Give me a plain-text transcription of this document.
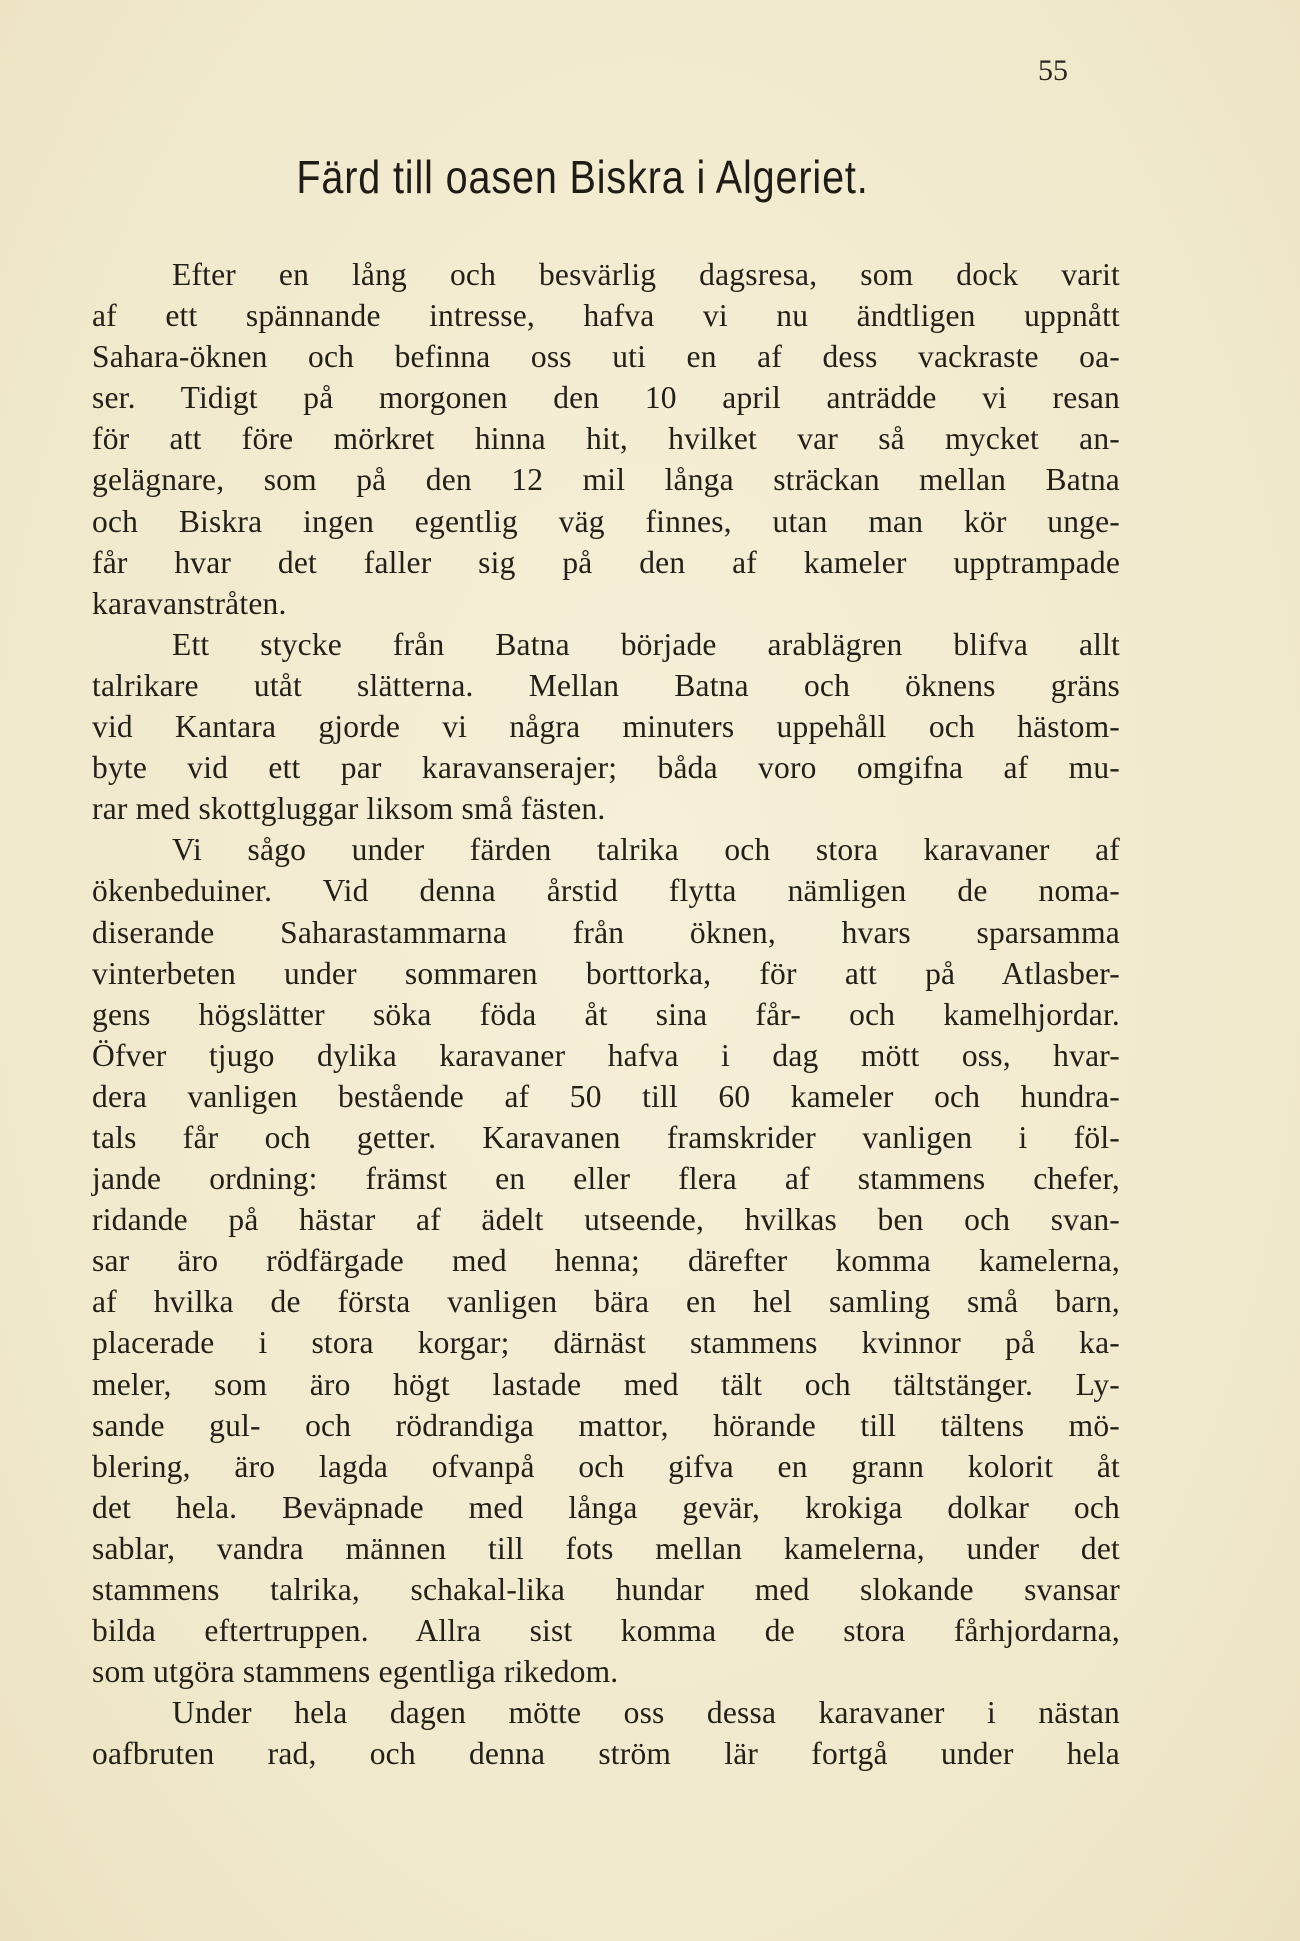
55
Färd till oasen Biskra i Algeriet.
Efter en lång och besvärlig dagsresa, som dock varit
af ett spännande intresse, hafva vi nu ändtligen uppnått
Sahara-öknen och befinna oss uti en af dess vackraste oa-
ser. Tidigt på morgonen den 10 april anträdde vi resan
för att före mörkret hinna hit, hvilket var så mycket an-
gelägnare, som på den 12 mil långa sträckan mellan Batna
och Biskra ingen egentlig väg finnes, utan man kör unge-
får hvar det faller sig på den af kameler upptrampade
karavanstråten.
Ett stycke från Batna började arablägren blifva allt
talrikare utåt slätterna. Mellan Batna och öknens gräns
vid Kantara gjorde vi några minuters uppehåll och hästom-
byte vid ett par karavanserajer; båda voro omgifna af mu-
rar med skottgluggar liksom små fästen.
Vi sågo under färden talrika och stora karavaner af
ökenbeduiner. Vid denna årstid flytta nämligen de noma-
diserande Saharastammarna från öknen, hvars sparsamma
vinterbeten under sommaren borttorka, för att på Atlasber-
gens högslätter söka föda åt sina får- och kamelhjordar.
Öfver tjugo dylika karavaner hafva i dag mött oss, hvar-
dera vanligen bestående af 50 till 60 kameler och hundra-
tals får och getter. Karavanen framskrider vanligen i föl-
jande ordning: främst en eller flera af stammens chefer,
ridande på hästar af ädelt utseende, hvilkas ben och svan-
sar äro rödfärgade med henna; därefter komma kamelerna,
af hvilka de första vanligen bära en hel samling små barn,
placerade i stora korgar; därnäst stammens kvinnor på ka-
meler, som äro högt lastade med tält och tältstänger. Ly-
sande gul- och rödrandiga mattor, hörande till tältens mö-
blering, äro lagda ofvanpå och gifva en grann kolorit åt
det hela. Beväpnade med långa gevär, krokiga dolkar och
sablar, vandra männen till fots mellan kamelerna, under det
stammens talrika, schakal-lika hundar med slokande svansar
bilda eftertruppen. Allra sist komma de stora fårhjordarna,
som utgöra stammens egentliga rikedom.
Under hela dagen mötte oss dessa karavaner i nästan
oafbruten rad, och denna ström lär fortgå under hela
